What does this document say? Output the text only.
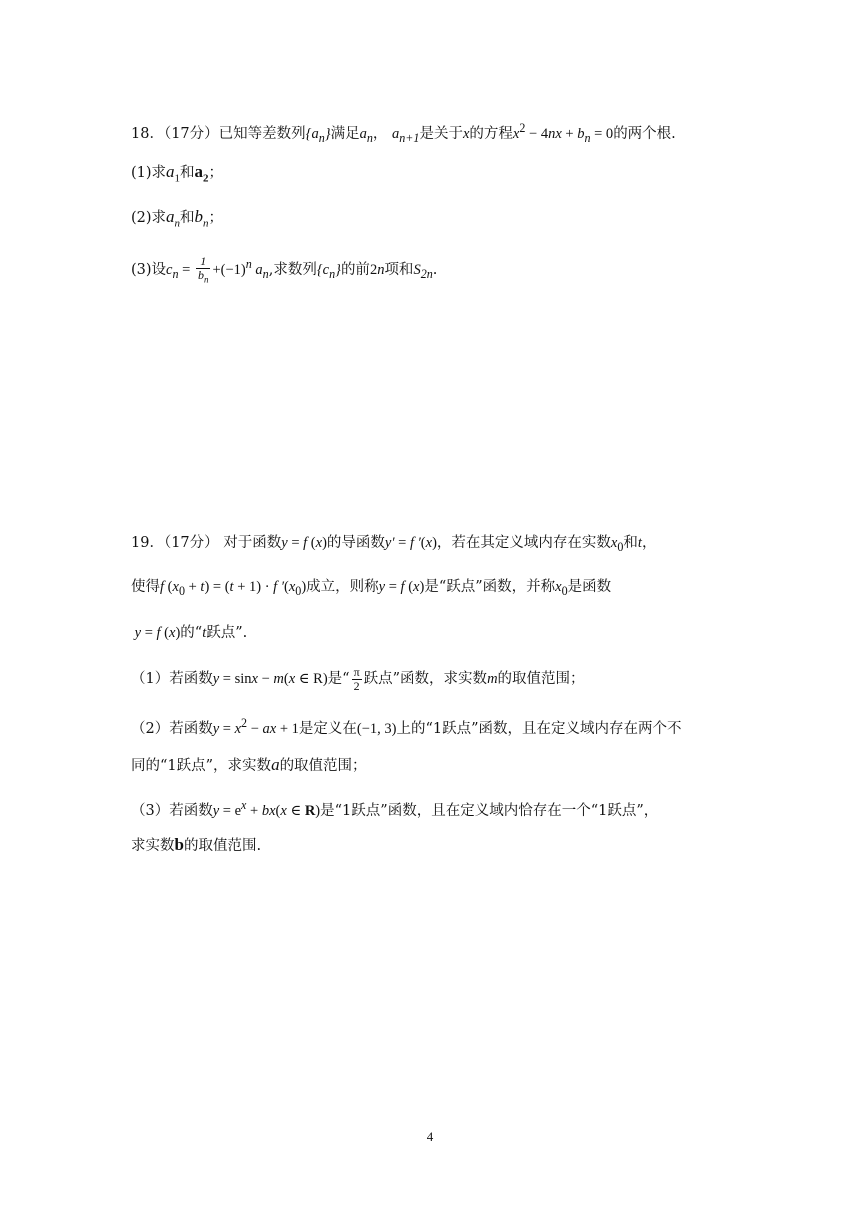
18．（17分）已知等差数列$\{a_n\}$满足$a_n$， $a_{n+1}$是关于x的方程$x^2 - 4nx + b_n = 0$的两个根.
(1)求$a_1$和$a_2$；
(2)求$a_n$和$b_n$；
(3)设$c_n = \frac{1}{b_n} +(-1)^n$ $a_n$,求数列$\{c_n\}$的前2n项和$S_{2n}$.
19．（17分） 对于函数y = f (x)的导函数y′ = f ′(x)，若在其定义域内存在实数$x_0$和t，
使得f $(x_0 + t) = (t + 1) \cdot f$ $'(x_0)$成立，则称y = f (x)是“跃点”函数，并称$x_0$是函数
y = f (x)的“t跃点”.
（1）若函数y = sinx − m(x ∈ R)是“ $\frac{\pi}{2}$ 跃点”函数，求实数m的取值范围；
（2）若函数$y = x^2$ − ax + 1是定义在(−1, 3)上的“1跃点”函数，且在定义域内存在两个不
同的“1跃点”，求实数a的取值范围；
（3）若函数$y = e^x + bx(x$ ∈ R)是“1跃点”函数，且在定义域内恰存在一个“1跃点”，
求实数b的取值范围.
4
